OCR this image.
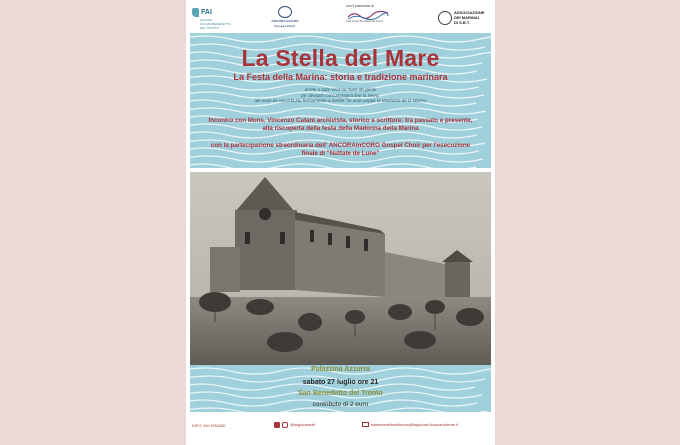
FAI
GIOVANI
FAI SAN BENEDETTO
DEL TRONTO
ANCORAinCORO
Gospel Choir
con il patrocinio di
Città di San Benedetto del Tronto
ASSOCIAZIONE
DEI MARINAI
DI S.B.T.
La Stella del Mare
La Festa della Marina: storia e tradizione marinara
arrete a tutte vent nu mare de gente
pe' devuziò t'accumpagna fine la Serra,
ate cose da recorda piu fermamente a mente: so univi peppe la Madonna de la Marina
Incontro con Mons. Vincenzo Catani archivista, storico e scrittore: tra passato e presente, alla riscoperta della festa della Madonna della Marina
con la partecipazione straordinaria dell' ANCORAinCORO Gospel Choir per l'esecuzione finale di "Nuttate de Lune"
Palazzina Azzurra
sabato 27 luglio ore 21
San Benedetto del Tronto
contributo di 2 euro
INFO: 340 6764280	@faigiovanisbt	sanbenedettodeltronto@faigiovani.fondoambiente.it
